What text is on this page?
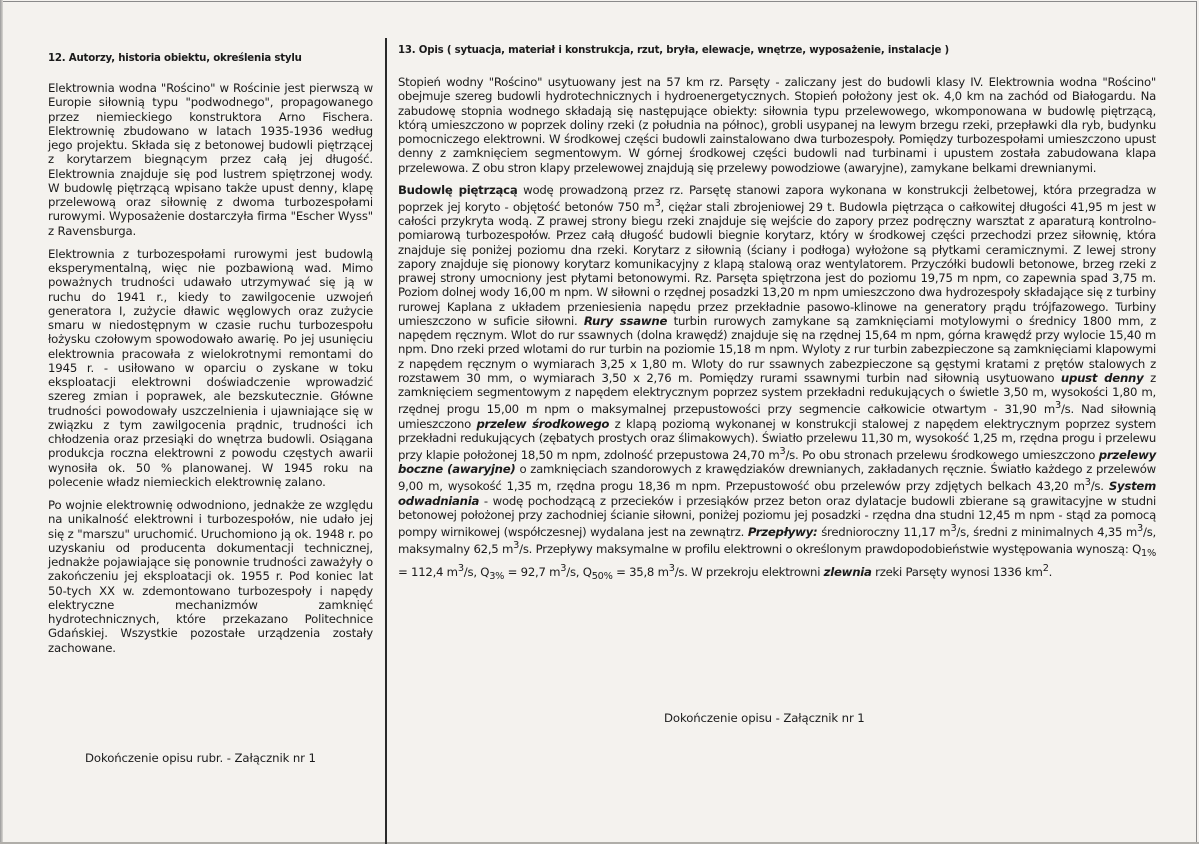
12. Autorzy, historia obiektu, określenia stylu

Elektrownia wodna "Rościno" w Rościnie jest pierwszą w Europie siłownią typu "podwodnego", propagowanego przez niemieckiego konstruktora Arno Fischera. Elektrownię zbudowano w latach 1935-1936 według jego projektu. Składa się z betonowej budowli piętrzącej z korytarzem biegnącym przez całą jej długość. Elektrownia znajduje się pod lustrem spiętrzonej wody. W budowlę piętrzącą wpisano także upust denny, klapę przelewową oraz siłownię z dwoma turbozespołami rurowymi. Wyposażenie dostarczyła firma "Escher Wyss" z Ravensburga.

Elektrownia z turbozespołami rurowymi jest budowlą eksperymentalną, więc nie pozbawioną wad. Mimo poważnych trudności udawało utrzymywać się ją w ruchu do 1941 r., kiedy to zawilgocenie uzwojeń generatora I, zużycie dławic węglowych oraz zużycie smaru w niedostępnym w czasie ruchu turbozespołu łożysku czołowym spowodowało awarię. Po jej usunięciu elektrownia pracowała z wielokrotnymi remontami do 1945 r. - usiłowano w oparciu o zyskane w toku eksploatacji elektrowni doświadczenie wprowadzić szereg zmian i poprawek, ale bezskutecznie. Główne trudności powodowały uszczelnienia i ujawniające się w związku z tym zawilgocenia prądnic, trudności ich chłodzenia oraz przesiąki do wnętrza budowli. Osiągana produkcja roczna elektrowni z powodu częstych awarii wynosiła ok. 50 % planowanej. W 1945 roku na polecenie władz niemieckich elektrownię zalano.

Po wojnie elektrownię odwodniono, jednakże ze względu na unikalność elektrowni i turbozespołów, nie udało jej się z "marszu" uruchomić. Uruchomiono ją ok. 1948 r. po uzyskaniu od producenta dokumentacji technicznej, jednakże pojawiające się ponownie trudności zaważyły o zakończeniu jej eksploatacji ok. 1955 r. Pod koniec lat 50-tych XX w. zdemontowano turbozespoły i napędy elektryczne mechanizmów zamknięć hydrotechnicznych, które przekazano Politechnice Gdańskiej. Wszystkie pozostałe urządzenia zostały zachowane.

Dokończenie opisu rubr. - Załącznik nr 1
13. Opis ( sytuacja, materiał i konstrukcja, rzut, bryła, elewacje, wnętrze, wyposażenie, instalacje )

Stopień wodny "Rościno" usytuowany jest na 57 km rz. Parsęty - zaliczany jest do budowli klasy IV. Elektrownia wodna "Rościno" obejmuje szereg budowli hydrotechnicznych i hydroenergetycznych. Stopień położony jest ok. 4,0 km na zachód od Białogardu. Na zabudowę stopnia wodnego składają się następujące obiekty: siłownia typu przelewowego, wkomponowana w budowlę piętrzącą, którą umieszczono w poprzek doliny rzeki (z południa na północ), grobli usypanej na lewym brzegu rzeki, przepławki dla ryb, budynku pomocniczego elektrowni. W środkowej części budowli zainstalowano dwa turbozespoły. Pomiędzy turbozespołami umieszczono upust denny z zamknięciem segmentowym. W górnej środkowej części budowli nad turbinami i upustem została zabudowana klapa przelewowa. Z obu stron klapy przelewowej znajdują się przelewy powodziowe (awaryjne), zamykane belkami drewnianymi.

Budowlę piętrzącą wodę prowadzoną przez rz. Parsętę stanowi zapora wykonana w konstrukcji żelbetowej, która przegradza w poprzek jej koryto - objętość betonów 750 $m^3$, ciężar stali zbrojeniowej 29 t. Budowla piętrząca o całkowitej długości 41,95 m jest w całości przykryta wodą. Z prawej strony biegu rzeki znajduje się wejście do zapory przez podręczny warsztat z aparaturą kontrolno-pomiarową turbozespołów. Przez całą długość budowli biegnie korytarz, który w środkowej części przechodzi przez siłownię, która znajduje się poniżej poziomu dna rzeki. Korytarz z siłownią (ściany i podłoga) wyłożone są płytkami ceramicznymi. Z lewej strony zapory znajduje się pionowy korytarz komunikacyjny z klapą stalową oraz wentylatorem. Przyczółki budowli betonowe, brzeg rzeki z prawej strony umocniony jest płytami betonowymi. Rz. Parsęta spiętrzona jest do poziomu 19,75 m npm, co zapewnia spad 3,75 m. Poziom dolnej wody 16,00 m npm. W siłowni o rzędnej posadzki 13,20 m npm umieszczono dwa hydrozespoły składające się z turbiny rurowej Kaplana z układem przeniesienia napędu przez przekładnie pasowo-klinowe na generatory prądu trójfazowego. Turbiny umieszczono w suficie siłowni. Rury ssawne turbin rurowych zamykane są zamknięciami motylowymi o średnicy 1800 mm, z napędem ręcznym. Wlot do rur ssawnych (dolna krawędź) znajduje się na rzędnej 15,64 m npm, górna krawędź przy wylocie 15,40 m npm. Dno rzeki przed wlotami do rur turbin na poziomie 15,18 m npm. Wyloty z rur turbin zabezpieczone są zamknięciami klapowymi z napędem ręcznym o wymiarach 3,25 x 1,80 m. Wloty do rur ssawnych zabezpieczone są gęstymi kratami z prętów stalowych z rozstawem 30 mm, o wymiarach 3,50 x 2,76 m. Pomiędzy rurami ssawnymi turbin nad siłownią usytuowano upust denny z zamknięciem segmentowym z napędem elektrycznym poprzez system przekładni redukujących o świetle 3,50 m, wysokości 1,80 m, rzędnej progu 15,00 m npm o maksymalnej przepustowości przy segmencie całkowicie otwartym - 31,90 $m^3/s$. Nad siłownią umieszczono przelew środkowego z klapą poziomą wykonanej w konstrukcji stalowej z napędem elektrycznym poprzez system przekładni redukujących (zębatych prostych oraz ślimakowych). Światło przelewu 11,30 m, wysokość 1,25 m, rzędna progu i przelewu przy klapie położonej 18,50 m npm, zdolność przepustowa 24,70 $m^3/s$. Po obu stronach przelewu środkowego umieszczono przelewy boczne (awaryjne) o zamknięciach szandorowych z krawędziaków drewnianych, zakładanych ręcznie. Światło każdego z przelewów 9,00 m, wysokość 1,35 m, rzędna progu 18,36 m npm. Przepustowość obu przelewów przy zdjętych belkach 43,20 $m^3/s$. System odwadniania - wodę pochodzącą z przecieków i przesiąków przez beton oraz dylatacje budowli zbierane są grawitacyjne w studni betonowej położonej przy zachodniej ścianie siłowni, poniżej poziomu jej posadzki - rzędna dna studni 12,45 m npm - stąd za pomocą pompy wirnikowej (współczesnej) wydalana jest na zewnątrz. Przepływy: średnioroczny 11,17 $m^3/s$, średni z minimalnych 4,35 $m^3/s$, maksymalny 62,5 $m^3/s$. Przepływy maksymalne w profilu elektrowni o określonym prawdopodobieństwie występowania wynoszą: $Q_{1\%} = 112,4$ $m^3/s$, $Q_{3\%} = 92,7$ $m^3/s$, $Q_{50\%} = 35,8$ $m^3/s$. W przekroju elektrowni zlewnia rzeki Parsęty wynosi 1336 $km^2$.

Dokończenie opisu - Załącznik nr 1
